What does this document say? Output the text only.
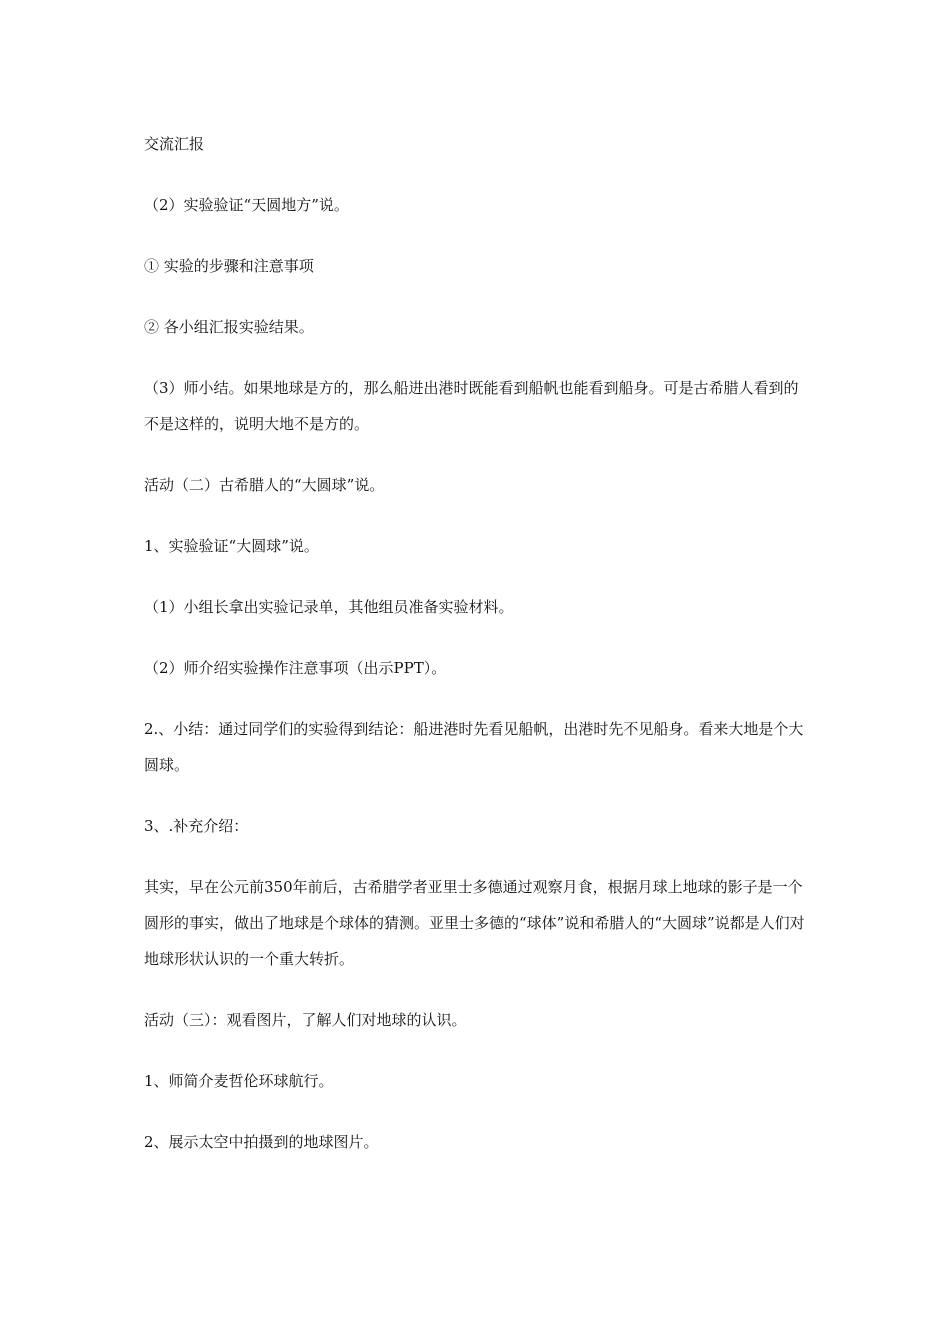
交流汇报

（2）实验验证“天圆地方”说。

① 实验的步骤和注意事项

② 各小组汇报实验结果。

（3）师小结。如果地球是方的，那么船进出港时既能看到船帆也能看到船身。可是古希腊人看到的不是这样的，说明大地不是方的。

活动（二）古希腊人的“大圆球”说。

1、实验验证“大圆球”说。

（1）小组长拿出实验记录单，其他组员准备实验材料。

（2）师介绍实验操作注意事项（出示PPT）。

2.、小结：通过同学们的实验得到结论：船进港时先看见船帆，出港时先不见船身。看来大地是个大圆球。

3、.补充介绍：

其实，早在公元前350年前后，古希腊学者亚里士多德通过观察月食，根据月球上地球的影子是一个圆形的事实，做出了地球是个球体的猜测。亚里士多德的“球体”说和希腊人的“大圆球”说都是人们对地球形状认识的一个重大转折。

活动（三）：观看图片，了解人们对地球的认识。

1、师简介麦哲伦环球航行。

2、展示太空中拍摄到的地球图片。
